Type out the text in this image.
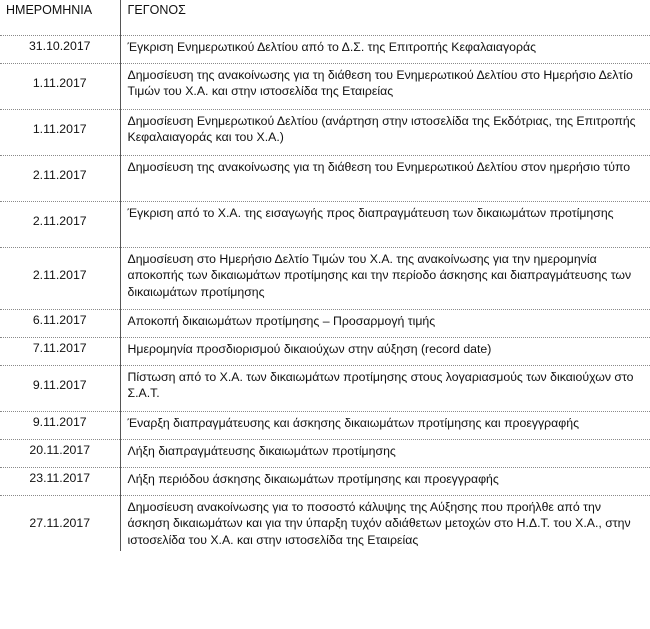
ΗΜΕΡΟΜΗΝΙΑ	ΓΕΓΟΝΟΣ

31.10.2017	Έγκριση Ενημερωτικού Δελτίου από το Δ.Σ. της Επιτροπής Κεφαλαιαγοράς

1.11.2017	Δημοσίευση της ανακοίνωσης για τη διάθεση του Ενημερωτικού Δελτίου στο Ημερήσιο Δελτίο Τιμών του Χ.Α. και στην ιστοσελίδα της Εταιρείας

1.11.2017	Δημοσίευση Ενημερωτικού Δελτίου (ανάρτηση στην ιστοσελίδα της Εκδότριας, της Επιτροπής Κεφαλαιαγοράς και του Χ.Α.)

2.11.2017	Δημοσίευση της ανακοίνωσης για τη διάθεση του Ενημερωτικού Δελτίου στον ημερήσιο τύπο

2.11.2017	Έγκριση από το Χ.Α. της εισαγωγής προς διαπραγμάτευση των δικαιωμάτων προτίμησης

2.11.2017	Δημοσίευση στο Ημερήσιο Δελτίο Τιμών του Χ.Α. της ανακοίνωσης για την ημερομηνία αποκοπής των δικαιωμάτων προτίμησης και την περίοδο άσκησης και διαπραγμάτευσης των δικαιωμάτων προτίμησης

6.11.2017	Αποκοπή δικαιωμάτων προτίμησης – Προσαρμογή τιμής

7.11.2017	Ημερομηνία προσδιορισμού δικαιούχων στην αύξηση (record date)

9.11.2017	Πίστωση από το Χ.Α. των δικαιωμάτων προτίμησης στους λογαριασμούς των δικαιούχων στο Σ.Α.Τ.

9.11.2017	Έναρξη διαπραγμάτευσης και άσκησης δικαιωμάτων προτίμησης και προεγγραφής

20.11.2017	Λήξη διαπραγμάτευσης δικαιωμάτων προτίμησης

23.11.2017	Λήξη περιόδου άσκησης δικαιωμάτων προτίμησης και προεγγραφής

27.11.2017	Δημοσίευση ανακοίνωσης για το ποσοστό κάλυψης της Αύξησης που προήλθε από την άσκηση δικαιωμάτων και για την ύπαρξη τυχόν αδιάθετων μετοχών στο Η.Δ.Τ. του Χ.Α., στην ιστοσελίδα του Χ.Α. και στην ιστοσελίδα της Εταιρείας
